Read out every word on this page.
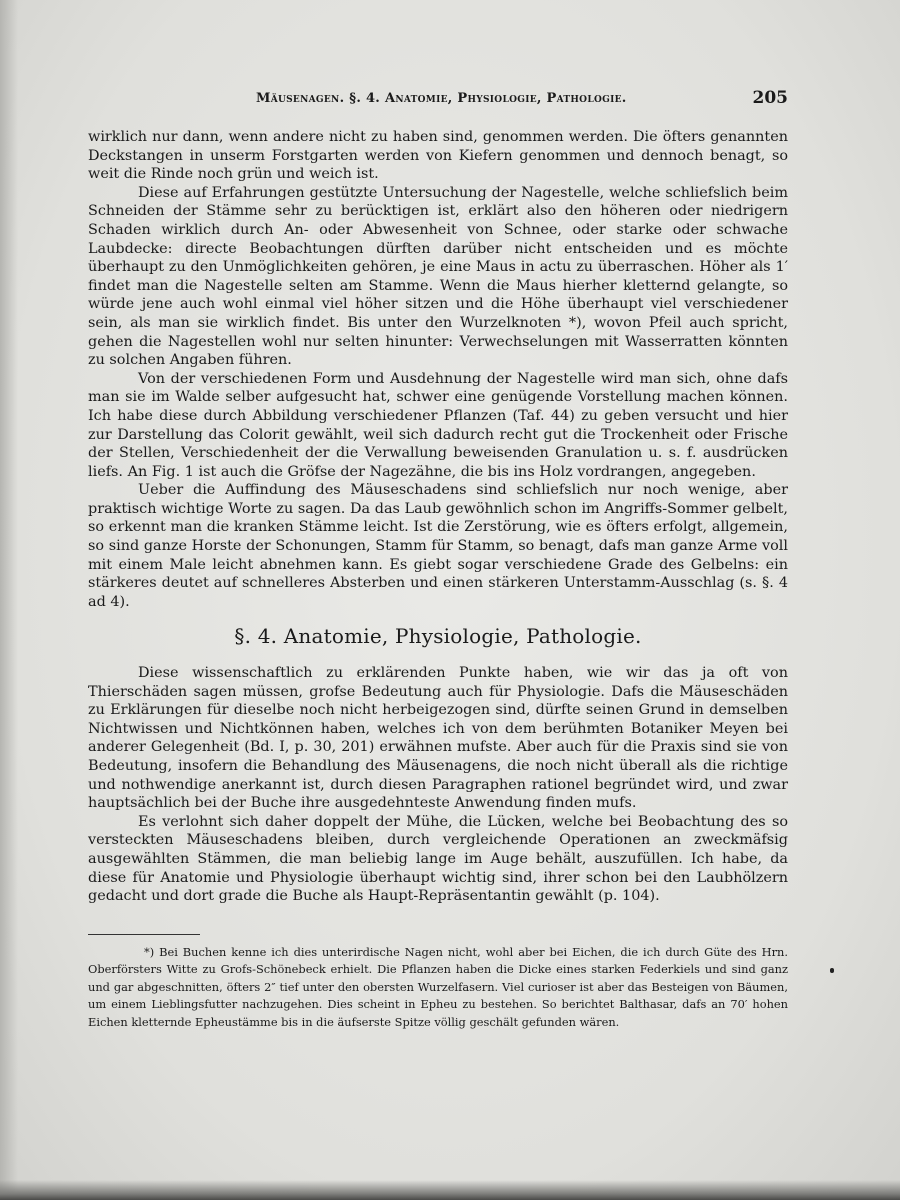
Mäusenagen. §. 4. Anatomie, Physiologie, Pathologie.	205

wirklich nur dann, wenn andere nicht zu haben sind, genommen werden. Die öfters genannten Deckstangen in unserm Forstgarten werden von Kiefern genommen und dennoch benagt, so weit die Rinde noch grün und weich ist.

Diese auf Erfahrungen gestützte Untersuchung der Nagestelle, welche schliefslich beim Schneiden der Stämme sehr zu berücktigen ist, erklärt also den höheren oder niedrigern Schaden wirklich durch An- oder Abwesenheit von Schnee, oder starke oder schwache Laubdecke: directe Beobachtungen dürften darüber nicht entscheiden und es möchte überhaupt zu den Unmöglichkeiten gehören, je eine Maus in actu zu überraschen. Höher als 1′ findet man die Nagestelle selten am Stamme. Wenn die Maus hierher kletternd gelangte, so würde jene auch wohl einmal viel höher sitzen und die Höhe überhaupt viel verschiedener sein, als man sie wirklich findet. Bis unter den Wurzelknoten *), wovon Pfeil auch spricht, gehen die Nagestellen wohl nur selten hinunter: Verwechselungen mit Wasserratten könnten zu solchen Angaben führen.

Von der verschiedenen Form und Ausdehnung der Nagestelle wird man sich, ohne dafs man sie im Walde selber aufgesucht hat, schwer eine genügende Vorstellung machen können. Ich habe diese durch Abbildung verschiedener Pflanzen (Taf. 44) zu geben versucht und hier zur Darstellung das Colorit gewählt, weil sich dadurch recht gut die Trockenheit oder Frische der Stellen, Verschiedenheit der die Verwallung beweisenden Granulation u. s. f. ausdrücken liefs. An Fig. 1 ist auch die Gröfse der Nagezähne, die bis ins Holz vordrangen, angegeben.

Ueber die Auffindung des Mäuseschadens sind schliefslich nur noch wenige, aber praktisch wichtige Worte zu sagen. Da das Laub gewöhnlich schon im Angriffs-Sommer gelbelt, so erkennt man die kranken Stämme leicht. Ist die Zerstörung, wie es öfters erfolgt, allgemein, so sind ganze Horste der Schonungen, Stamm für Stamm, so benagt, dafs man ganze Arme voll mit einem Male leicht abnehmen kann. Es giebt sogar verschiedene Grade des Gelbelns: ein stärkeres deutet auf schnelleres Absterben und einen stärkeren Unterstamm-Ausschlag (s. §. 4 ad 4).

§. 4. Anatomie, Physiologie, Pathologie.

Diese wissenschaftlich zu erklärenden Punkte haben, wie wir das ja oft von Thierschäden sagen müssen, grofse Bedeutung auch für Physiologie. Dafs die Mäuseschäden zu Erklärungen für dieselbe noch nicht herbeigezogen sind, dürfte seinen Grund in demselben Nichtwissen und Nichtkönnen haben, welches ich von dem berühmten Botaniker Meyen bei anderer Gelegenheit (Bd. I, p. 30, 201) erwähnen mufste. Aber auch für die Praxis sind sie von Bedeutung, insofern die Behandlung des Mäusenagens, die noch nicht überall als die richtige und nothwendige anerkannt ist, durch diesen Paragraphen rationel begründet wird, und zwar hauptsächlich bei der Buche ihre ausgedehnteste Anwendung finden mufs.

Es verlohnt sich daher doppelt der Mühe, die Lücken, welche bei Beobachtung des so versteckten Mäuseschadens bleiben, durch vergleichende Operationen an zweckmäfsig ausgewählten Stämmen, die man beliebig lange im Auge behält, auszufüllen. Ich habe, da diese für Anatomie und Physiologie überhaupt wichtig sind, ihrer schon bei den Laubhölzern gedacht und dort grade die Buche als Haupt-Repräsentantin gewählt (p. 104).

*) Bei Buchen kenne ich dies unterirdische Nagen nicht, wohl aber bei Eichen, die ich durch Güte des Hrn. Oberförsters Witte zu Grofs-Schönebeck erhielt. Die Pflanzen haben die Dicke eines starken Federkiels und sind ganz und gar abgeschnitten, öfters 2″ tief unter den obersten Wurzelfasern. Viel curioser ist aber das Besteigen von Bäumen, um einem Lieblingsfutter nachzugehen. Dies scheint in Epheu zu bestehen. So berichtet Balthasar, dafs an 70′ hohen Eichen kletternde Epheustämme bis in die äufserste Spitze völlig geschält gefunden wären.
